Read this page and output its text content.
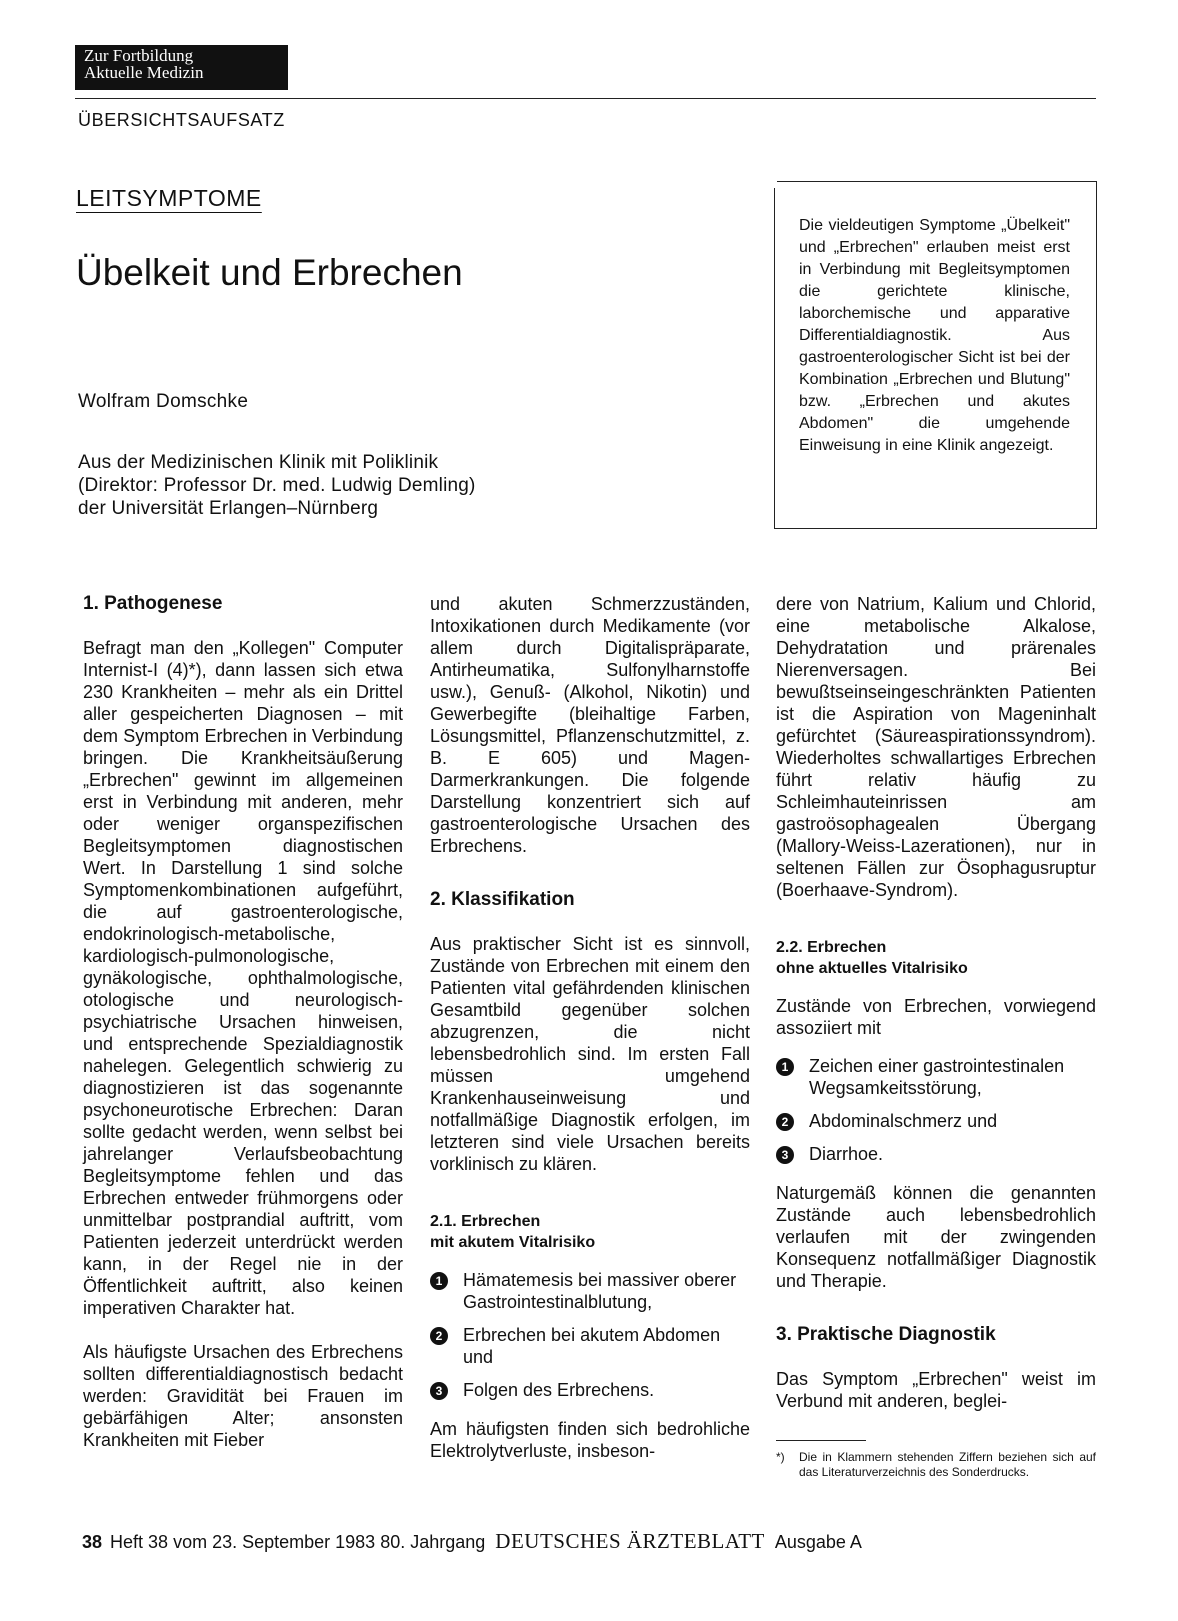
Zur Fortbildung
Aktuelle Medizin
ÜBERSICHTSAUFSATZ
LEITSYMPTOME
Übelkeit und Erbrechen
Wolfram Domschke
Aus der Medizinischen Klinik mit Poliklinik
(Direktor: Professor Dr. med. Ludwig Demling)
der Universität Erlangen–Nürnberg
Die vieldeutigen Symptome „Übelkeit" und „Erbrechen" erlauben meist erst in Verbindung mit Begleitsymptomen die gerichtete klinische, laborchemische und apparative Differentialdiagnostik. Aus gastroenterologischer Sicht ist bei der Kombination „Erbrechen und Blutung" bzw. „Erbrechen und akutes Abdomen" die umgehende Einweisung in eine Klinik angezeigt.

1. Pathogenese

Befragt man den „Kollegen" Computer Internist-I (4)*), dann lassen sich etwa 230 Krankheiten – mehr als ein Drittel aller gespeicherten Diagnosen – mit dem Symptom Erbrechen in Verbindung bringen. Die Krankheitsäußerung „Erbrechen" gewinnt im allgemeinen erst in Verbindung mit anderen, mehr oder weniger organspezifischen Begleitsymptomen diagnostischen Wert. In Darstellung 1 sind solche Symptomenkombinationen aufgeführt, die auf gastroenterologische, endokrinologisch-metabolische, kardiologisch-pulmonologische, gynäkologische, ophthalmologische, otologische und neurologisch-psychiatrische Ursachen hinweisen, und entsprechende Spezialdiagnostik nahelegen. Gelegentlich schwierig zu diagnostizieren ist das sogenannte psychoneurotische Erbrechen: Daran sollte gedacht werden, wenn selbst bei jahrelanger Verlaufsbeobachtung Begleitsymptome fehlen und das Erbrechen entweder frühmorgens oder unmittelbar postprandial auftritt, vom Patienten jederzeit unterdrückt werden kann, in der Regel nie in der Öffentlichkeit auftritt, also keinen imperativen Charakter hat.

Als häufigste Ursachen des Erbrechens sollten differentialdiagnostisch bedacht werden: Gravidität bei Frauen im gebärfähigen Alter; ansonsten Krankheiten mit Fieber

und akuten Schmerzzuständen, Intoxikationen durch Medikamente (vor allem durch Digitalispräparate, Antirheumatika, Sulfonylharnstoffe usw.), Genuß- (Alkohol, Nikotin) und Gewerbegifte (bleihaltige Farben, Lösungsmittel, Pflanzenschutzmittel, z. B. E 605) und Magen-Darmerkrankungen. Die folgende Darstellung konzentriert sich auf gastroenterologische Ursachen des Erbrechens.

2. Klassifikation

Aus praktischer Sicht ist es sinnvoll, Zustände von Erbrechen mit einem den Patienten vital gefährdenden klinischen Gesamtbild gegenüber solchen abzugrenzen, die nicht lebensbedrohlich sind. Im ersten Fall müssen umgehend Krankenhauseinweisung und notfallmäßige Diagnostik erfolgen, im letzteren sind viele Ursachen bereits vorklinisch zu klären.

2.1. Erbrechen
mit akutem Vitalrisiko

1	Hämatemesis bei massiver oberer Gastrointestinalblutung,
2	Erbrechen bei akutem Abdomen und
3	Folgen des Erbrechens.

Am häufigsten finden sich bedrohliche Elektrolytverluste, insbeson-

dere von Natrium, Kalium und Chlorid, eine metabolische Alkalose, Dehydratation und prärenales Nierenversagen. Bei bewußtseinseingeschränkten Patienten ist die Aspiration von Mageninhalt gefürchtet (Säureaspirationssyndrom). Wiederholtes schwallartiges Erbrechen führt relativ häufig zu Schleimhauteinrissen am gastroösophagealen Übergang (Mallory-Weiss-Lazerationen), nur in seltenen Fällen zur Ösophagusruptur (Boerhaave-Syndrom).

2.2. Erbrechen
ohne aktuelles Vitalrisiko

Zustände von Erbrechen, vorwiegend assoziiert mit

1	Zeichen einer gastrointestinalen Wegsamkeitsstörung,
2	Abdominalschmerz und
3	Diarrhoe.

Naturgemäß können die genannten Zustände auch lebensbedrohlich verlaufen mit der zwingenden Konsequenz notfallmäßiger Diagnostik und Therapie.

3. Praktische Diagnostik

Das Symptom „Erbrechen" weist im Verbund mit anderen, beglei-

*) Die in Klammern stehenden Ziffern beziehen sich auf das Literaturverzeichnis des Sonderdrucks.
38 Heft 38 vom 23. September 1983 80. Jahrgang DEUTSCHES ÄRZTEBLATT Ausgabe A
